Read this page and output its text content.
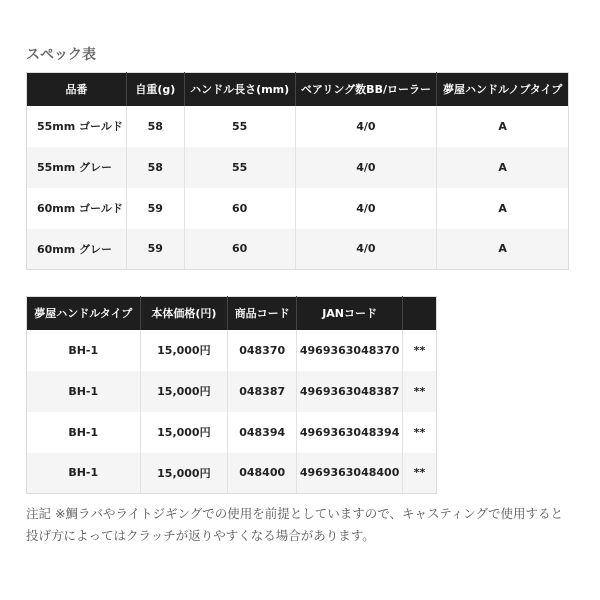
スペック表
品番	自重(g)	ハンドル長さ(mm)	ベアリング数BB/ローラー	夢屋ハンドルノブタイプ
55mm ゴールド	58	55	4/0	A
55mm グレー	58	55	4/0	A
60mm ゴールド	59	60	4/0	A
60mm グレー	59	60	4/0	A
夢屋ハンドルタイプ	本体価格(円)	商品コード	JANコード	
BH-1	15,000円	048370	4969363048370	**
BH-1	15,000円	048387	4969363048387	**
BH-1	15,000円	048394	4969363048394	**
BH-1	15,000円	048400	4969363048400	**

注記 ※鯛ラバやライトジギングでの使用を前提としていますので、キャスティングで使用すると投げ方によってはクラッチが返りやすくなる場合があります。
